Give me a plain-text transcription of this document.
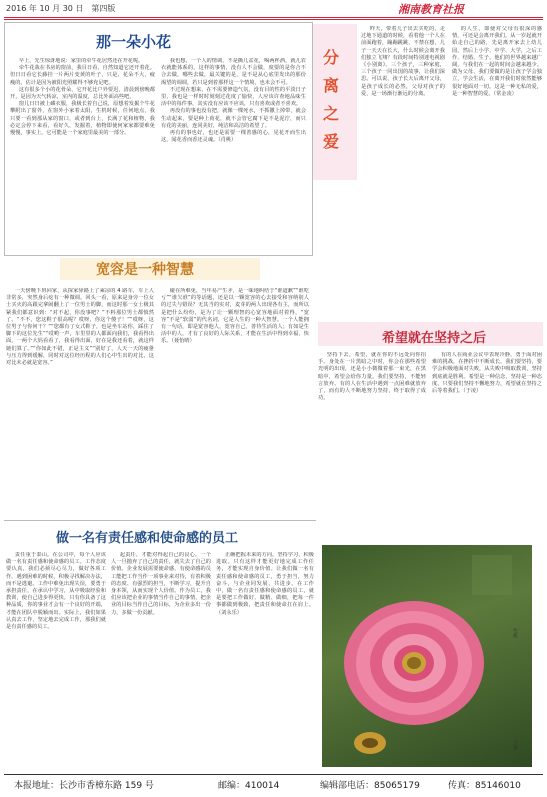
2016 年 10 月 30 日　第四版	湘南教育社报
那一朵小花

早上，先生惊讶地说：家里的牵牛花居然还在开花呢。

牵牛花栽在书房的窗前，我目日看，自然知道它还开着花。但日日看它长藤挂一片两片变黄的叶子，只是，花朵不大，疲瘦的，估计是因为被阳光照耀得不够充足吧。

这有很多个小的花骨朵，它开花比户外要迟，清晨到傍晚都开，是因为天气转凉，室内的温度，总比外面高些吧。

窗儿日日被上磷衣服，我极长着自己说，原想着发掘个牛花攀附出了窗外，在窗外小家着太阳，生机时候，任何地点，我只要一看到那从家的窗口，或者到台上，长满了花和植物，我必定会停下来看，看好久，发掘着，植物即使何家家都要难免慢慢，事实上，它可能是一个家庭里最美的一部分。

我也想，一个人的情调，不是撕儿盆花，喝两杯酒，就儿农衣就能体系的，这样的事情，没有人不会做，度要的是你合不合去做，哪些去做，最关键的是，是不是从心底里发出的那份渴望的调调，若只是到着那样这一个情境，也未会不可。

不过现在想来，在不需要修造气氛，没有目的性的平淡日子里，我也是一样时时刻刻过花度了愉快，人应该许查地品味生活中的每件事，其实没有应该不应该，只有喜欢或者不喜欢。

再没有的事也没有把，就像一棵死水，不抓撒上掉带，就会生动起来，要是种上荷花，就不会管它腐下是不是泥泞，而只有花的美丽，连同美好，纯洁和高洁的希望了。

再有的事也好，也还是需要一棵善感的心，见花开而生出这，闻花香而香还灵魂。（肖桃）

分
离
之
爱

昨天，带着儿子出去买吃的，走过地下通道的时候，看着他一个人在前面跑着，蹦蹦跳跳，不禁在想，儿子一天天在长大，什么时候会离开我们独立飞翔？有段时间特别迷电视剧《小别离》。三个孩子，三种家庭，三个孩子一同出国的故事，让我们深思。可以说，孩子长大后离开父母，是孩子成长的必然，父母对孩子的爱，是一场渐行渐远的分离。

的人生，即使对父母有很深的感情，可还是会离开我们。从一岁起就开始走自己的路，先是离开家去上幼儿园，然后上小学、中学、大学，之后工作、结婚、生子，他们的世界越来越广阔，与我们在一起的时间会越来越少。做为父母，我们要做的是让孩子学会独立，学会生活，在离开我们时依然能够很好地面对一切。这是一种无私的爱，是一种智慧的爱。（常金凌）

宽容是一种智慧

一天傍晚下班回家，从探家驿路上了乘凉的 4 路车，车上人非常多，突然身后疙有一种微调。回头一看，原来是身旁一位女士买火的高跟完拿闹翻上了一位男士的脚，而这时那一女士极其紧我们都意识到：“对不起，你没事吧？”不料那位男士都愤然了。“不不，您这鞋子很高呢？哎呀，你这个傻子！”“哎呀，这位男子与你何干？”“您都有了女式鞋子，也是坐车站你，踩住了脚下的这位先生”“哎哟一声，车里里的人都面向我们，我看得出面，一两个大妈看看了，我看得出面，好在是我还看着，就这样她们算了。”“你如此不错，正是主义”“别好了，人天一天的疲惫与压力得到缓解，同时对这位经历程的人们心中生出的对比，这对比未必就是宽容。”

碰在所难免，当年易产生矛，是一味地纠结于“谁道歉”“谁吃亏”“谁欠谁”的等话题，还是以一颗宽容的心去接受和容纳别人的过失与错误？无其当的实对，麦芽的两人出现各有主，而所以是把什么纷纷，是为了让一颗理智的心宽容地面对着得，“宽容”不是“软弱”的代名词，它是人生的一种大智慧。一个人能拥有一句话，即是宽容他人，宽容自己，善待生活的人；有如是生活中的人，才有了良好的人际关系，才能在生活中得到幸福、快乐。（聂怡晴）	希望就在坚持之后

坚持下去，希望，就在你的不远处向你招手。身处在一片黑暗之中时，你会在那些希望光明的出现，还是小小微微着那一束光，在黑暗中，希望会给你力量。我们要坚持，不能轻言放弃。有的人在生活中遇到一点困难就放弃了，而有的人不断地努力坚持，终于取得了成功。

有的人在商业会议中表现冷静，勇于面对困难的挑战，在挫折中不断成长。我们要坚持，要学会积极地面对失败，从失败中吸取教训，坚持到底就是胜利。希望是一种信念，坚持是一种态度。只要我们坚持不懈地努力，希望就在坚持之后等着我们。（于凌）

做一名有责任感和使命感的员工

责任重于泰山。在公司中，每个人应该做一名有责任感和使命感的员工。工作态度要认真，我们必须尽心尽力，做好各项工作。遇到困难的时候，积极寻找解决办法，而不是逃避。工作中难免出现失误，要勇于承担责任，在承认中学习，从中吸取经验和教训，使自己进步得更快。只有你具备了这种品质，你的事业才会有一个良好的开端，才能在团队中脱颖而出。实际上，我们如果认真去工作，坚定地去完成工作，那我们就是有责任感的员工。

起责任，才能对得起自己的良心。一个人一旦抛弃了自己的责任，就失去了自己的价值。企业发展需要使命感，有使命感的员工能把工作当作一项事业来对待，有着积极的态度、有强烈的担当，不断学习，提升自身本领，从而实现个人价值。作为员工，我们应该把企业的事情当作自己的事情，把企业的目标当作自己的目标，为企业多出一份力，多做一份贡献。

正确把握未来的方向。坚持学习，积极进取。只有这样才能更好地完成工作任务，才能实现自身价值。让我们做一名有责任感和使命感的员工，勇于担当，努力奋斗，与企业同发展、共进步。在工作中，做一名有责任感和使命感的员工，就是要把工作做好、做精、做细，把每一件事都做到极致，把责任和使命扛在肩上。（刘永乐）

生机
王琳
本报地址：长沙市香樟东路 159 号	邮编：410014	编辑部电话：85065179	传真：85146010
